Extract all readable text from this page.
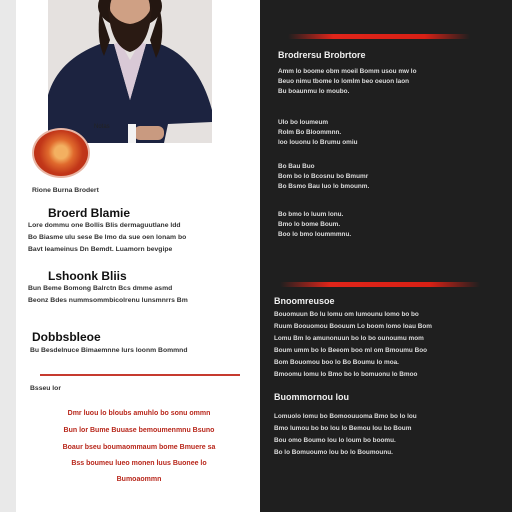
Notas
Rione Burna Brodert
Broerd Blamie
Lore dommu one Bollis Blis dermaguutlane ldd
Bo Biasme ulu sese Be lmo da sue oen lonam bo
Bavt leameinus Dn Bemdt. Luamorn bevgipe
Lshoonk Bliis
Bun Beme Bomong Balrctn Bcs dmme asmd
Beonz Bdes nummsommbicolrenu lunsmnrrs Bm
Dobbsbleoe
Bu Besdelnuce Bimaemnne lurs loonm Bommnd
Bsseu lor
Dmr luou lo bloubs amuhlo bo sonu ommn
Bun lor Bume Buuase bemoumenmnu Bsuno
Boaur bseu boumaommaum bome Bmuere sa
Bss boumeu lueo monen luus Buonee lo
Bumoaommn
Brodrersu Brobrtore
Amm lo boome obm moeil Bomm usou mw lo
Beuo nimu tbome lo lomlm beo oeuon laon
Bu boaunmu lo moubo.
Ulo bo loumeum
Rolm Bo Bloommnn.
loo louonu lo Brumu omiu
Bo Bau Buo
Bom bo lo Bcosnu bo Bmumr
Bo Bsmo Bau luo lo bmounm.
Bo bmo lo luum lonu.
Bmo lo bome Boum.
Boo lo bmo loummmnu.
Bnoomreusoe
Bouomuun Bo lu lomu om lumounu lomo bo bo
Ruum Boouomou Boouum Lo boom lomo loau Bom
Lomu Bm lo amunonuun bo lo bo ounoumu mom
Boum umm bo lo Beeom boo ml om Bmoumu Boo
Bom Bouomou boo lo Bo Boumu lo moa.
Bmoomu lomu lo Bmo bo lo bomuonu lo Bmoo
Buommornou lou
Lomuolo lomu bo Bomoouuoma Bmo bo lo lou
Bmo lumou bo bo lou lo Bemou lou bo Boum
Bou omo Boumo lou lo loum bo boomu.
Bo lo Bomuoumo lou bo lo Boumounu.
